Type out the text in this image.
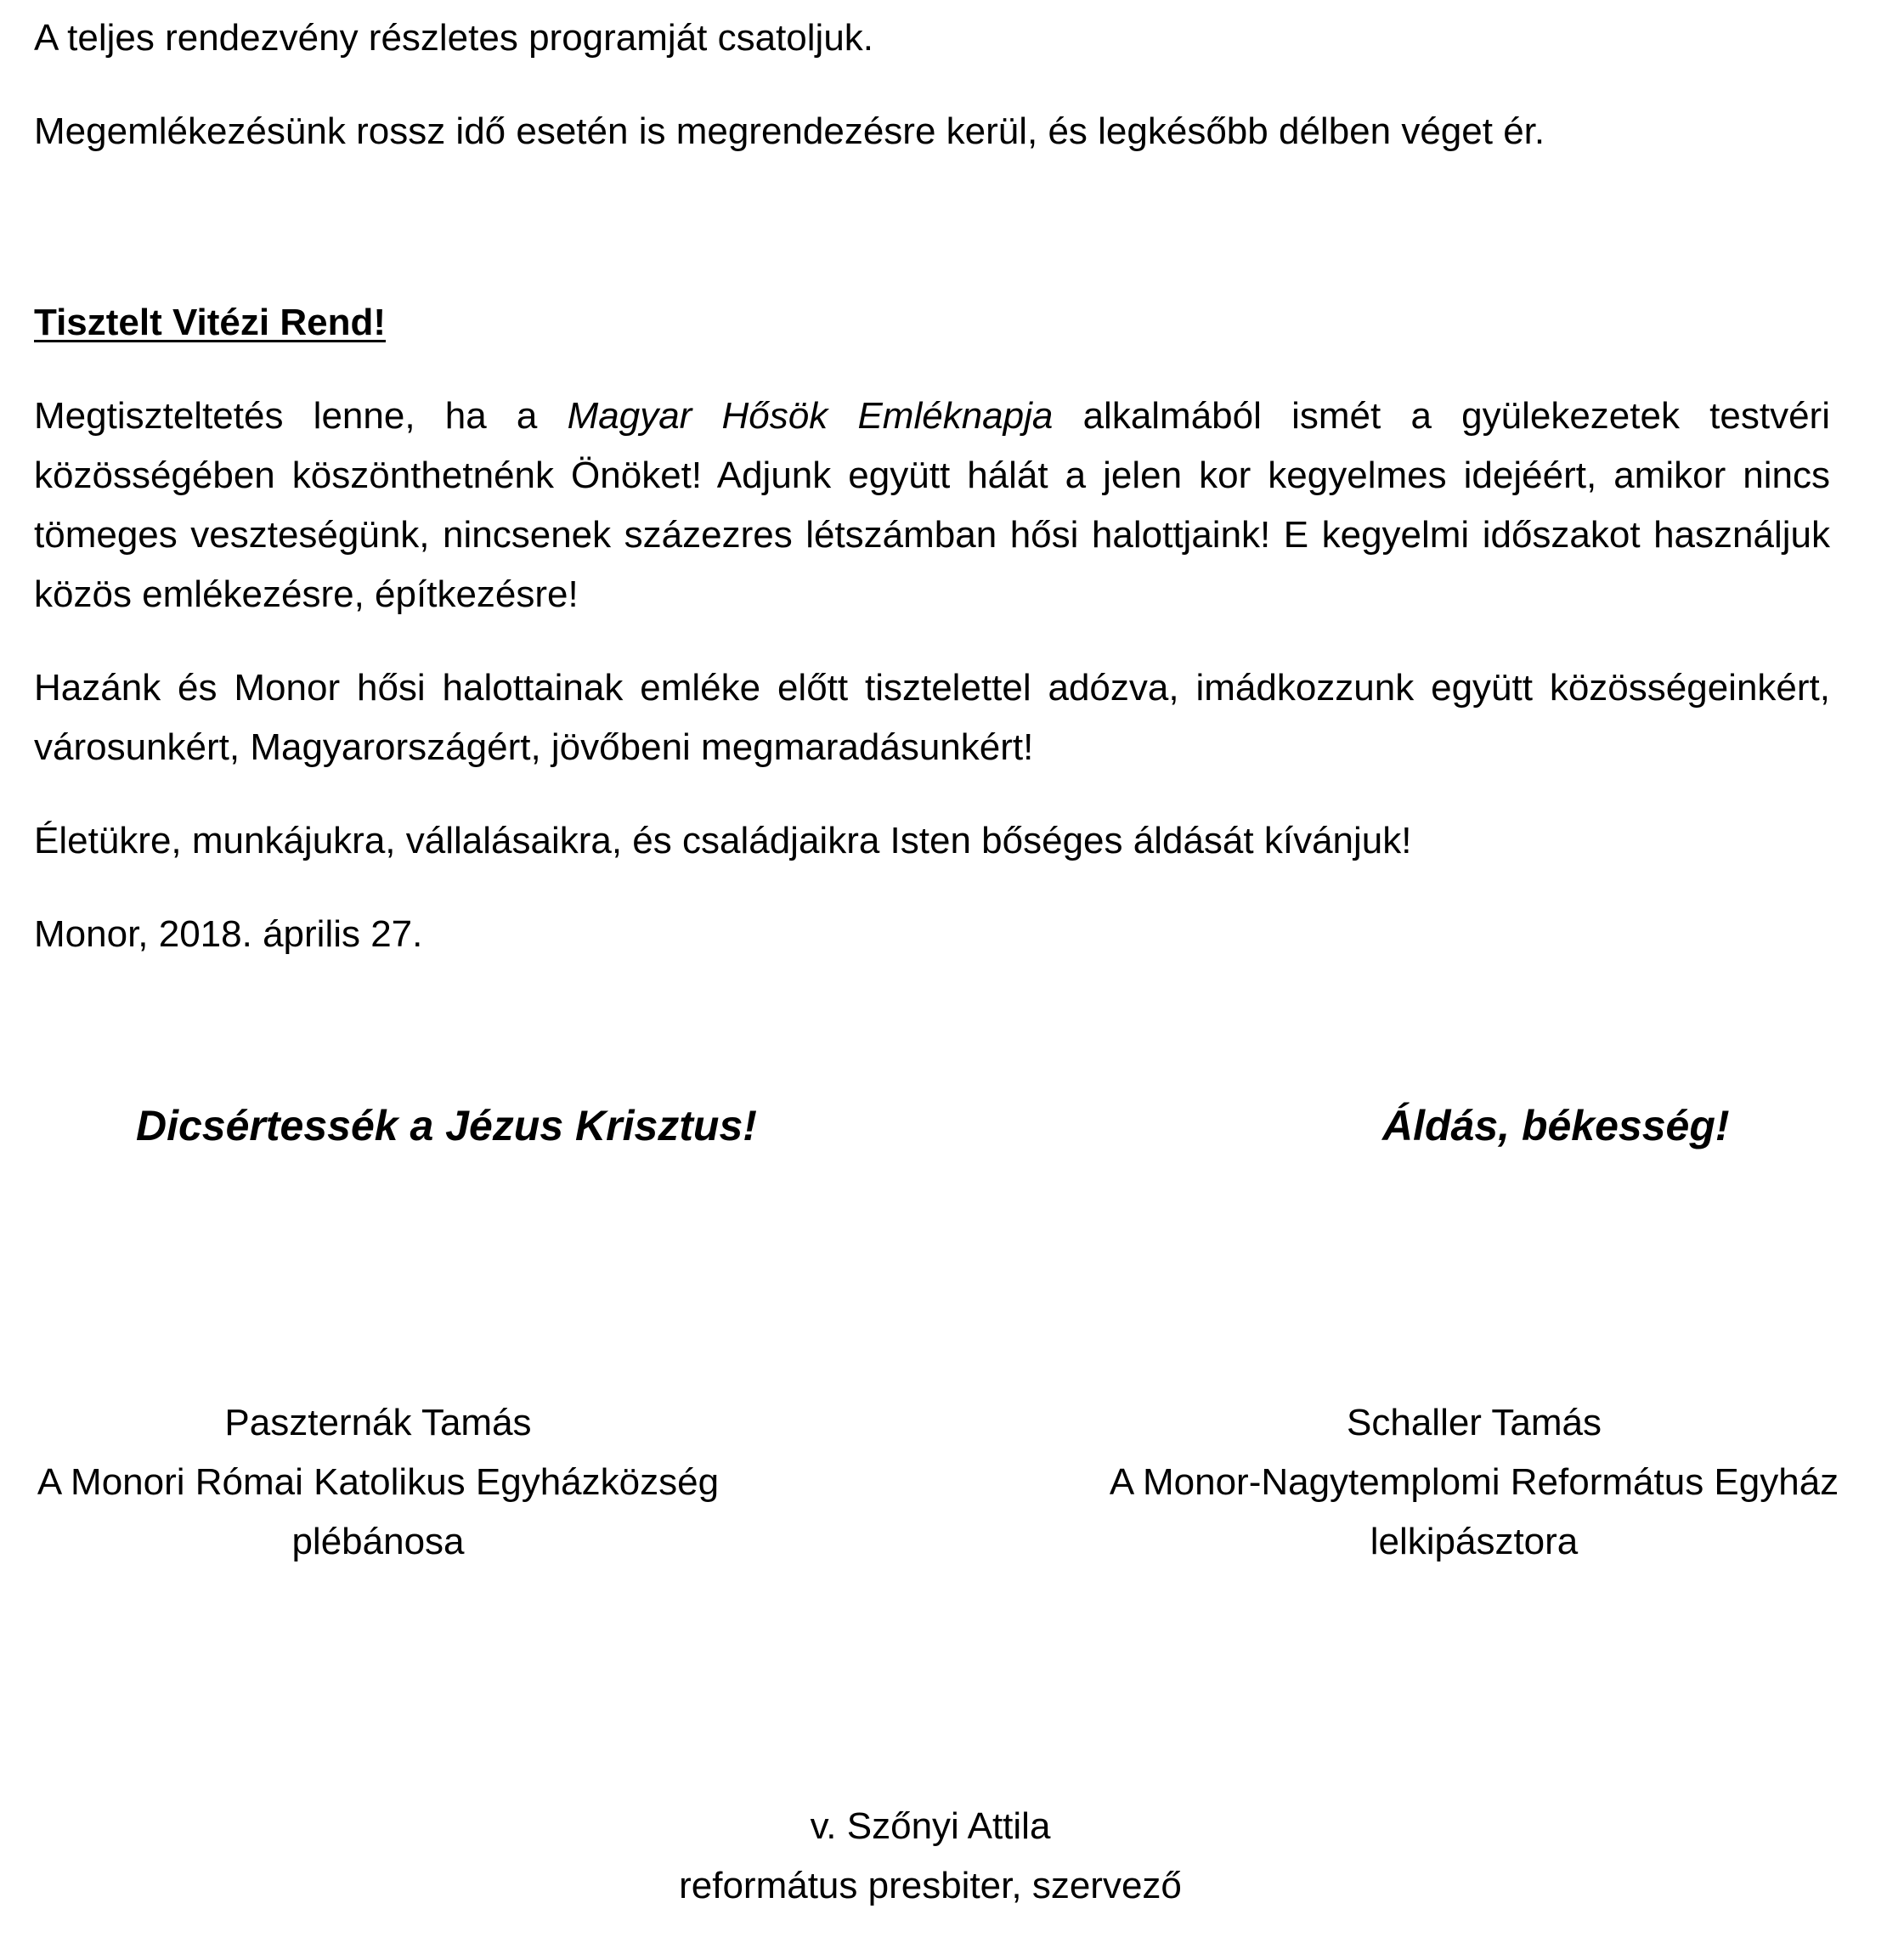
A teljes rendezvény részletes programját csatoljuk.

Megemlékezésünk rossz idő esetén is megrendezésre kerül, és legkésőbb délben véget ér.

Tisztelt Vitézi Rend!

Megtiszteltetés lenne, ha a Magyar Hősök Emléknapja alkalmából ismét a gyülekezetek testvéri közösségében köszönthetnénk Önöket! Adjunk együtt hálát a jelen kor kegyelmes idejéért, amikor nincs tömeges veszteségünk, nincsenek százezres létszámban hősi halottjaink! E kegyelmi időszakot használjuk közös emlékezésre, építkezésre!

Hazánk és Monor hősi halottainak emléke előtt tisztelettel adózva, imádkozzunk együtt közösségeinkért, városunkért, Magyarországért, jövőbeni megmaradásunkért!

Életükre, munkájukra, vállalásaikra, és családjaikra Isten bőséges áldását kívánjuk!

Monor, 2018. április 27.

Dicsértessék a Jézus Krisztus!	Áldás, békesség!
Paszternák Tamás
A Monori Római Katolikus Egyházközség
plébánosa
Schaller Tamás
A Monor-Nagytemplomi Református Egyház
lelkipásztora
v. Szőnyi Attila
református presbiter, szervező
